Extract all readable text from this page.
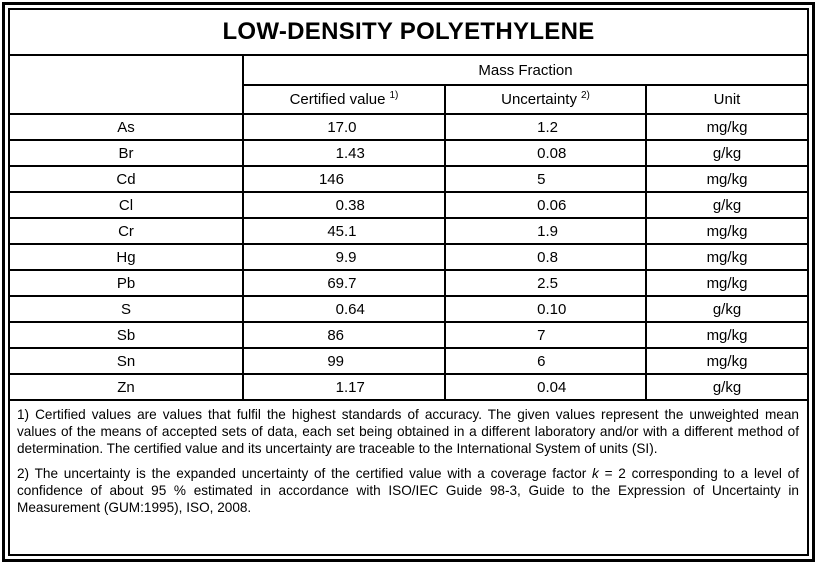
LOW-DENSITY POLYETHYLENE
	Mass Fraction		
	Certified value $^{1)}$	Uncertainty $^{2)}$	Unit
As	17 .0	1 .2	mg/kg
Br	1 .43	0 .08	g/kg
Cd	146	5	mg/kg
Cl	0 .38	0 .06	g/kg
Cr	45 .1	1 .9	mg/kg
Hg	9 .9	0 .8	mg/kg
Pb	69 .7	2 .5	mg/kg
S	0 .64	0 .10	g/kg
Sb	86	7	mg/kg
Sn	99	6	mg/kg
Zn	1 .17	0 .04	g/kg

1) Certified values are values that fulfil the highest standards of accuracy. The given values represent the unweighted mean values of the means of accepted sets of data, each set being obtained in a different laboratory and/or with a different method of determination. The certified value and its uncertainty are traceable to the International System of units (SI).

2) The uncertainty is the expanded uncertainty of the certified value with a coverage factor k = 2 corresponding to a level of confidence of about 95 % estimated in accordance with ISO/IEC Guide 98-3, Guide to the Expression of Uncertainty in Measurement (GUM:1995), ISO, 2008.
